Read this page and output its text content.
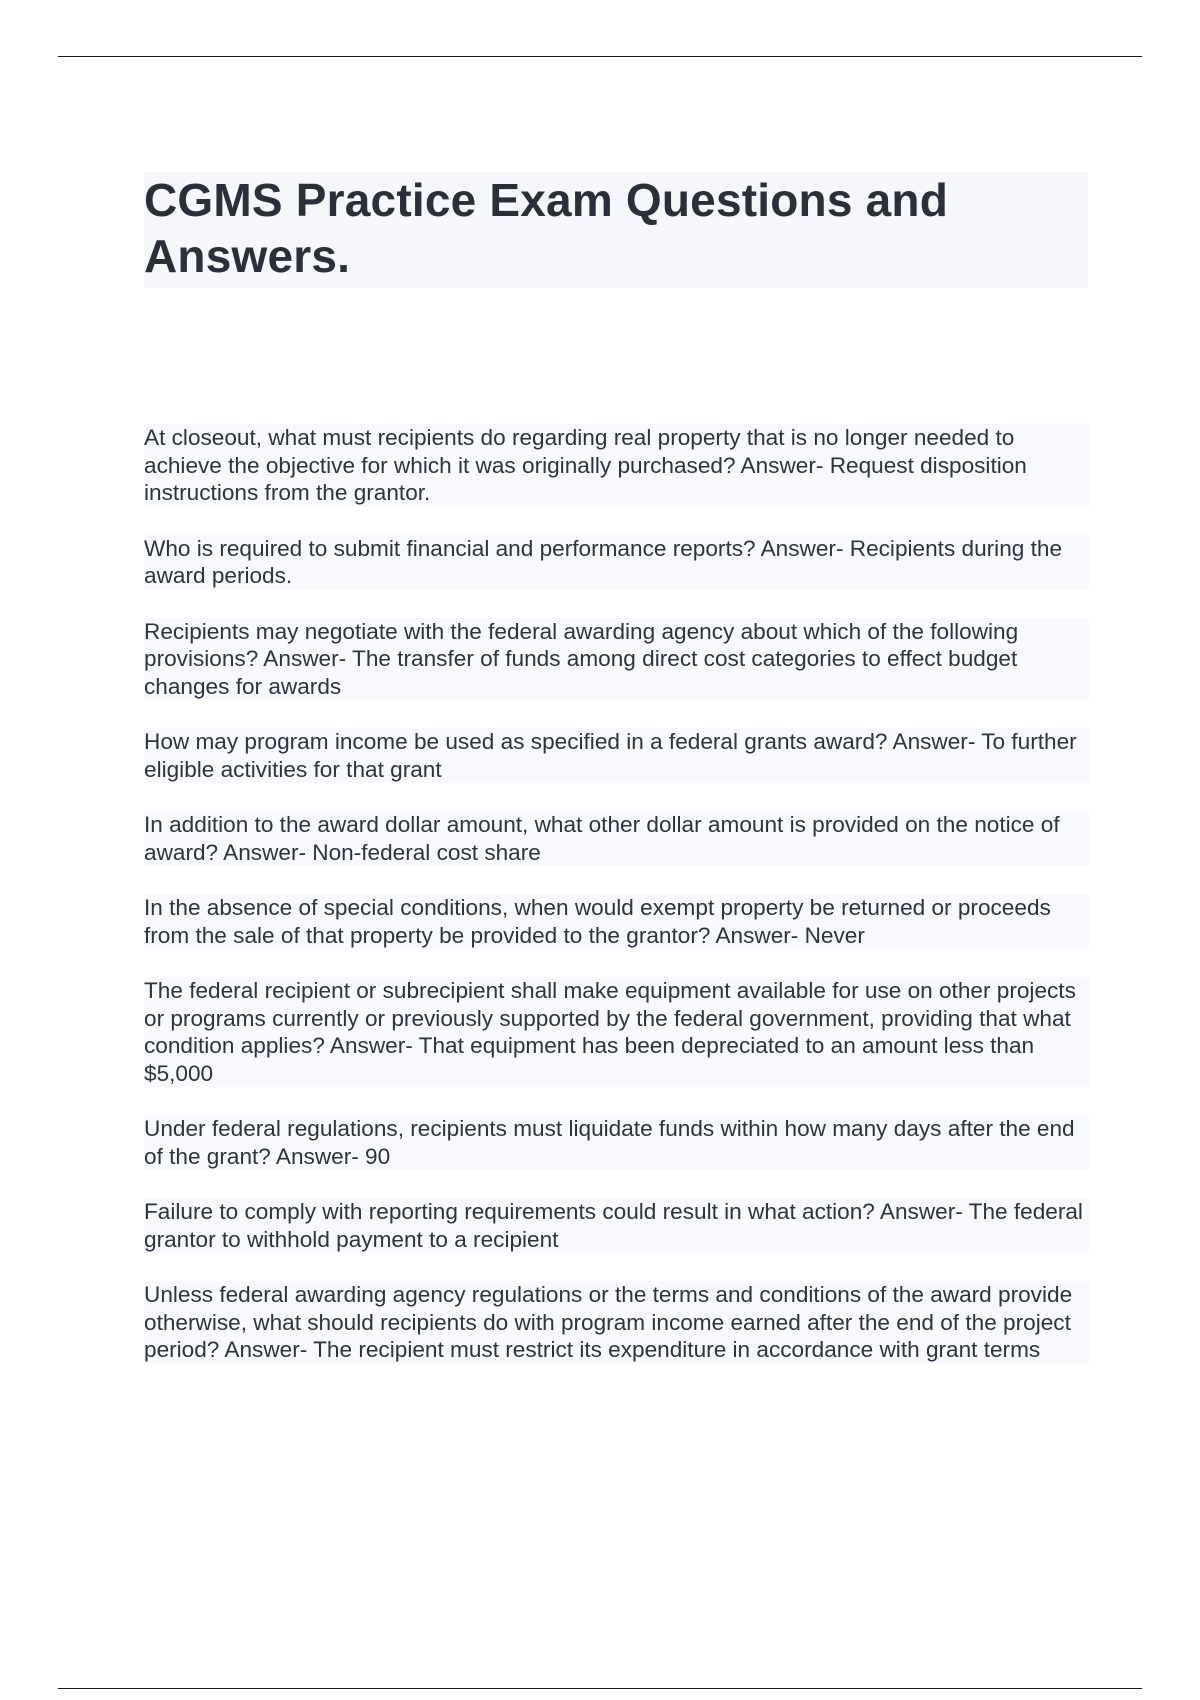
CGMS Practice Exam Questions and Answers.
At closeout, what must recipients do regarding real property that is no longer needed to achieve the objective for which it was originally purchased? Answer- Request disposition instructions from the grantor.
Who is required to submit financial and performance reports? Answer- Recipients during the award periods.
Recipients may negotiate with the federal awarding agency about which of the following provisions? Answer- The transfer of funds among direct cost categories to effect budget changes for awards
How may program income be used as specified in a federal grants award? Answer- To further eligible activities for that grant
In addition to the award dollar amount, what other dollar amount is provided on the notice of award? Answer- Non-federal cost share
In the absence of special conditions, when would exempt property be returned or proceeds from the sale of that property be provided to the grantor? Answer- Never
The federal recipient or subrecipient shall make equipment available for use on other projects or programs currently or previously supported by the federal government, providing that what condition applies? Answer- That equipment has been depreciated to an amount less than $5,000
Under federal regulations, recipients must liquidate funds within how many days after the end of the grant? Answer- 90
Failure to comply with reporting requirements could result in what action? Answer- The federal grantor to withhold payment to a recipient
Unless federal awarding agency regulations or the terms and conditions of the award provide otherwise, what should recipients do with program income earned after the end of the project period? Answer- The recipient must restrict its expenditure in accordance with grant terms
